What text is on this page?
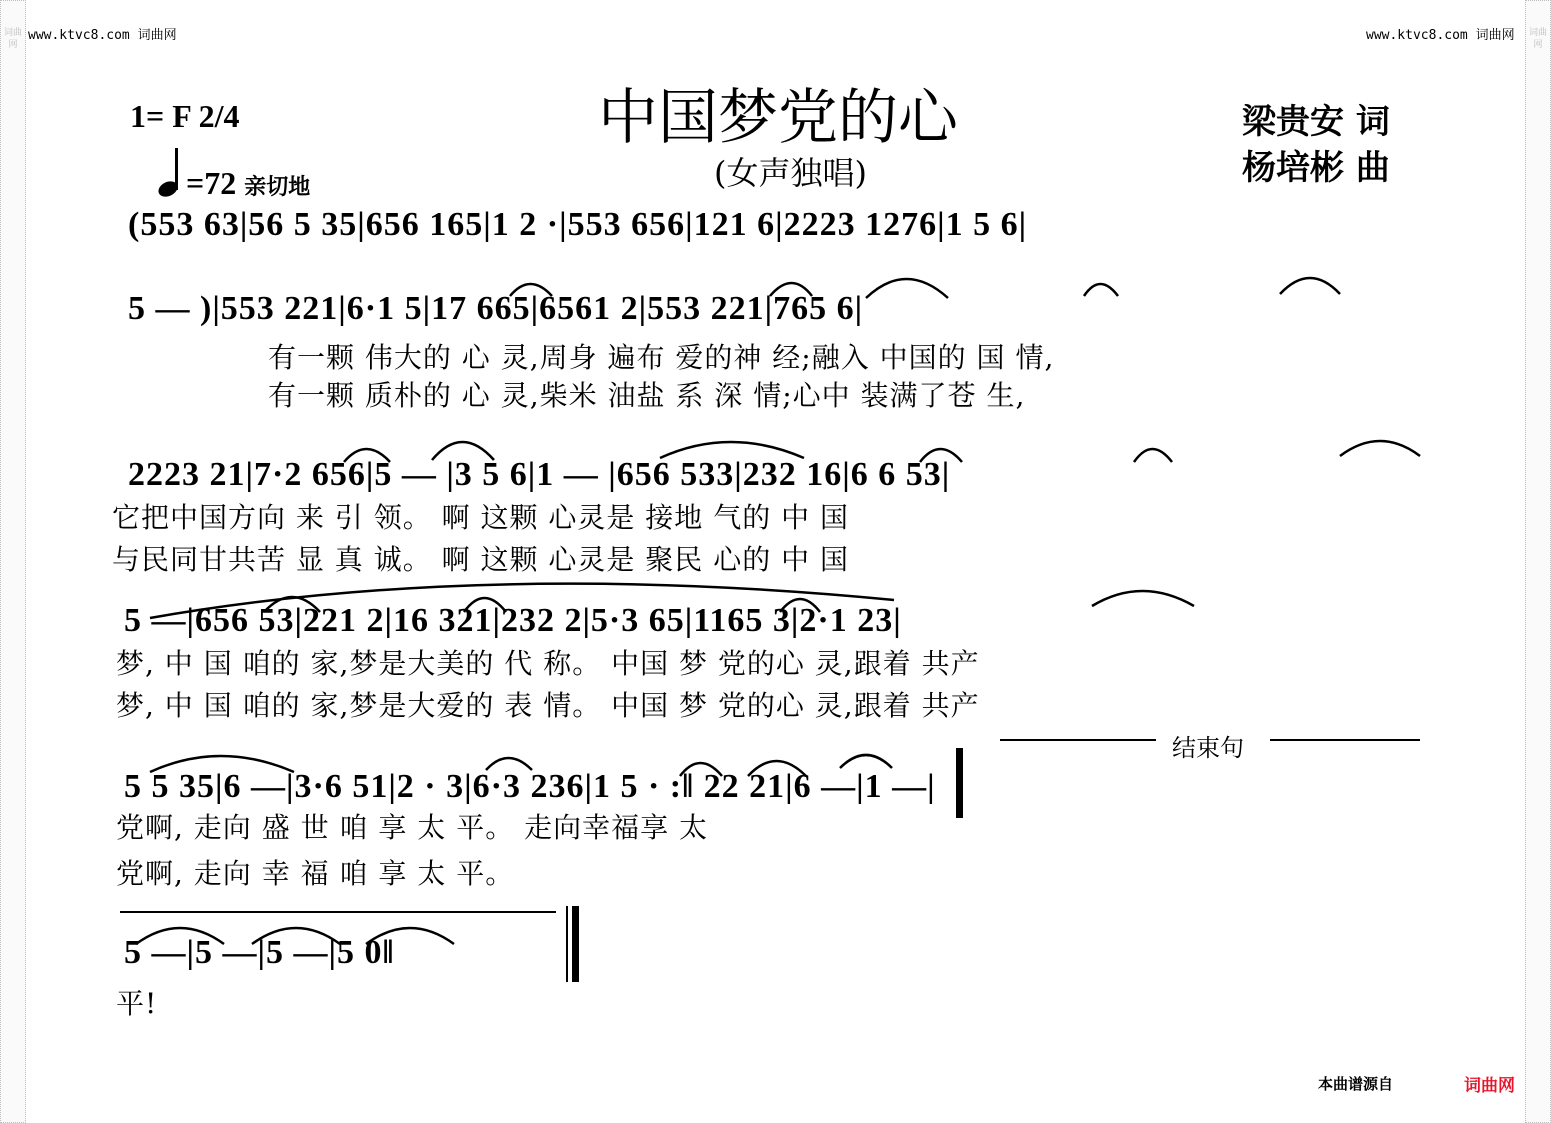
词曲网
词曲网
www.ktvc8.com 词曲网	www.ktvc8.com 词曲网
1= F 2/4
=72 亲切地
中国梦党的心
(女声独唱)
梁贵安 词
杨培彬 曲
(553 63|56 5 35|656 165|1 2 ·|553 656|121 6|2223 1276|1 5 6|
5 — )|553 221|6·1 5|17 665|6561 2|553 221|765 6|
有一颗 伟大的 心 灵,周身 遍布 爱的神 经;融入 中国的 国 情,
有一颗 质朴的 心 灵,柴米 油盐 系 深 情;心中 装满了苍 生,
2223 21|7·2 656|5 — |3 5 6|1 — |656 533|232 16|6 6 53|
它把中国方向 来 引 领。 啊 这颗 心灵是 接地 气的 中 国
与民同甘共苦 显 真 诚。 啊 这颗 心灵是 聚民 心的 中 国
5 —|656 53|221 2|16 321|232 2|5·3 65|1165 3|2·1 23|
梦, 中 国 咱的 家,梦是大美的 代 称。 中国 梦 党的心 灵,跟着 共产
梦, 中 国 咱的 家,梦是大爱的 表 情。 中国 梦 党的心 灵,跟着 共产
结束句
5 5 35|6 —|3·6 51|2 · 3|6·3 236|1 5 · :‖ 22 21|6 —|1 —|
党啊, 走向 盛 世 咱 享 太 平。 走向幸福享 太
党啊, 走向 幸 福 咱 享 太 平。
5 —|5 —|5 —|5 0‖
平!
本曲谱源自	词曲网
